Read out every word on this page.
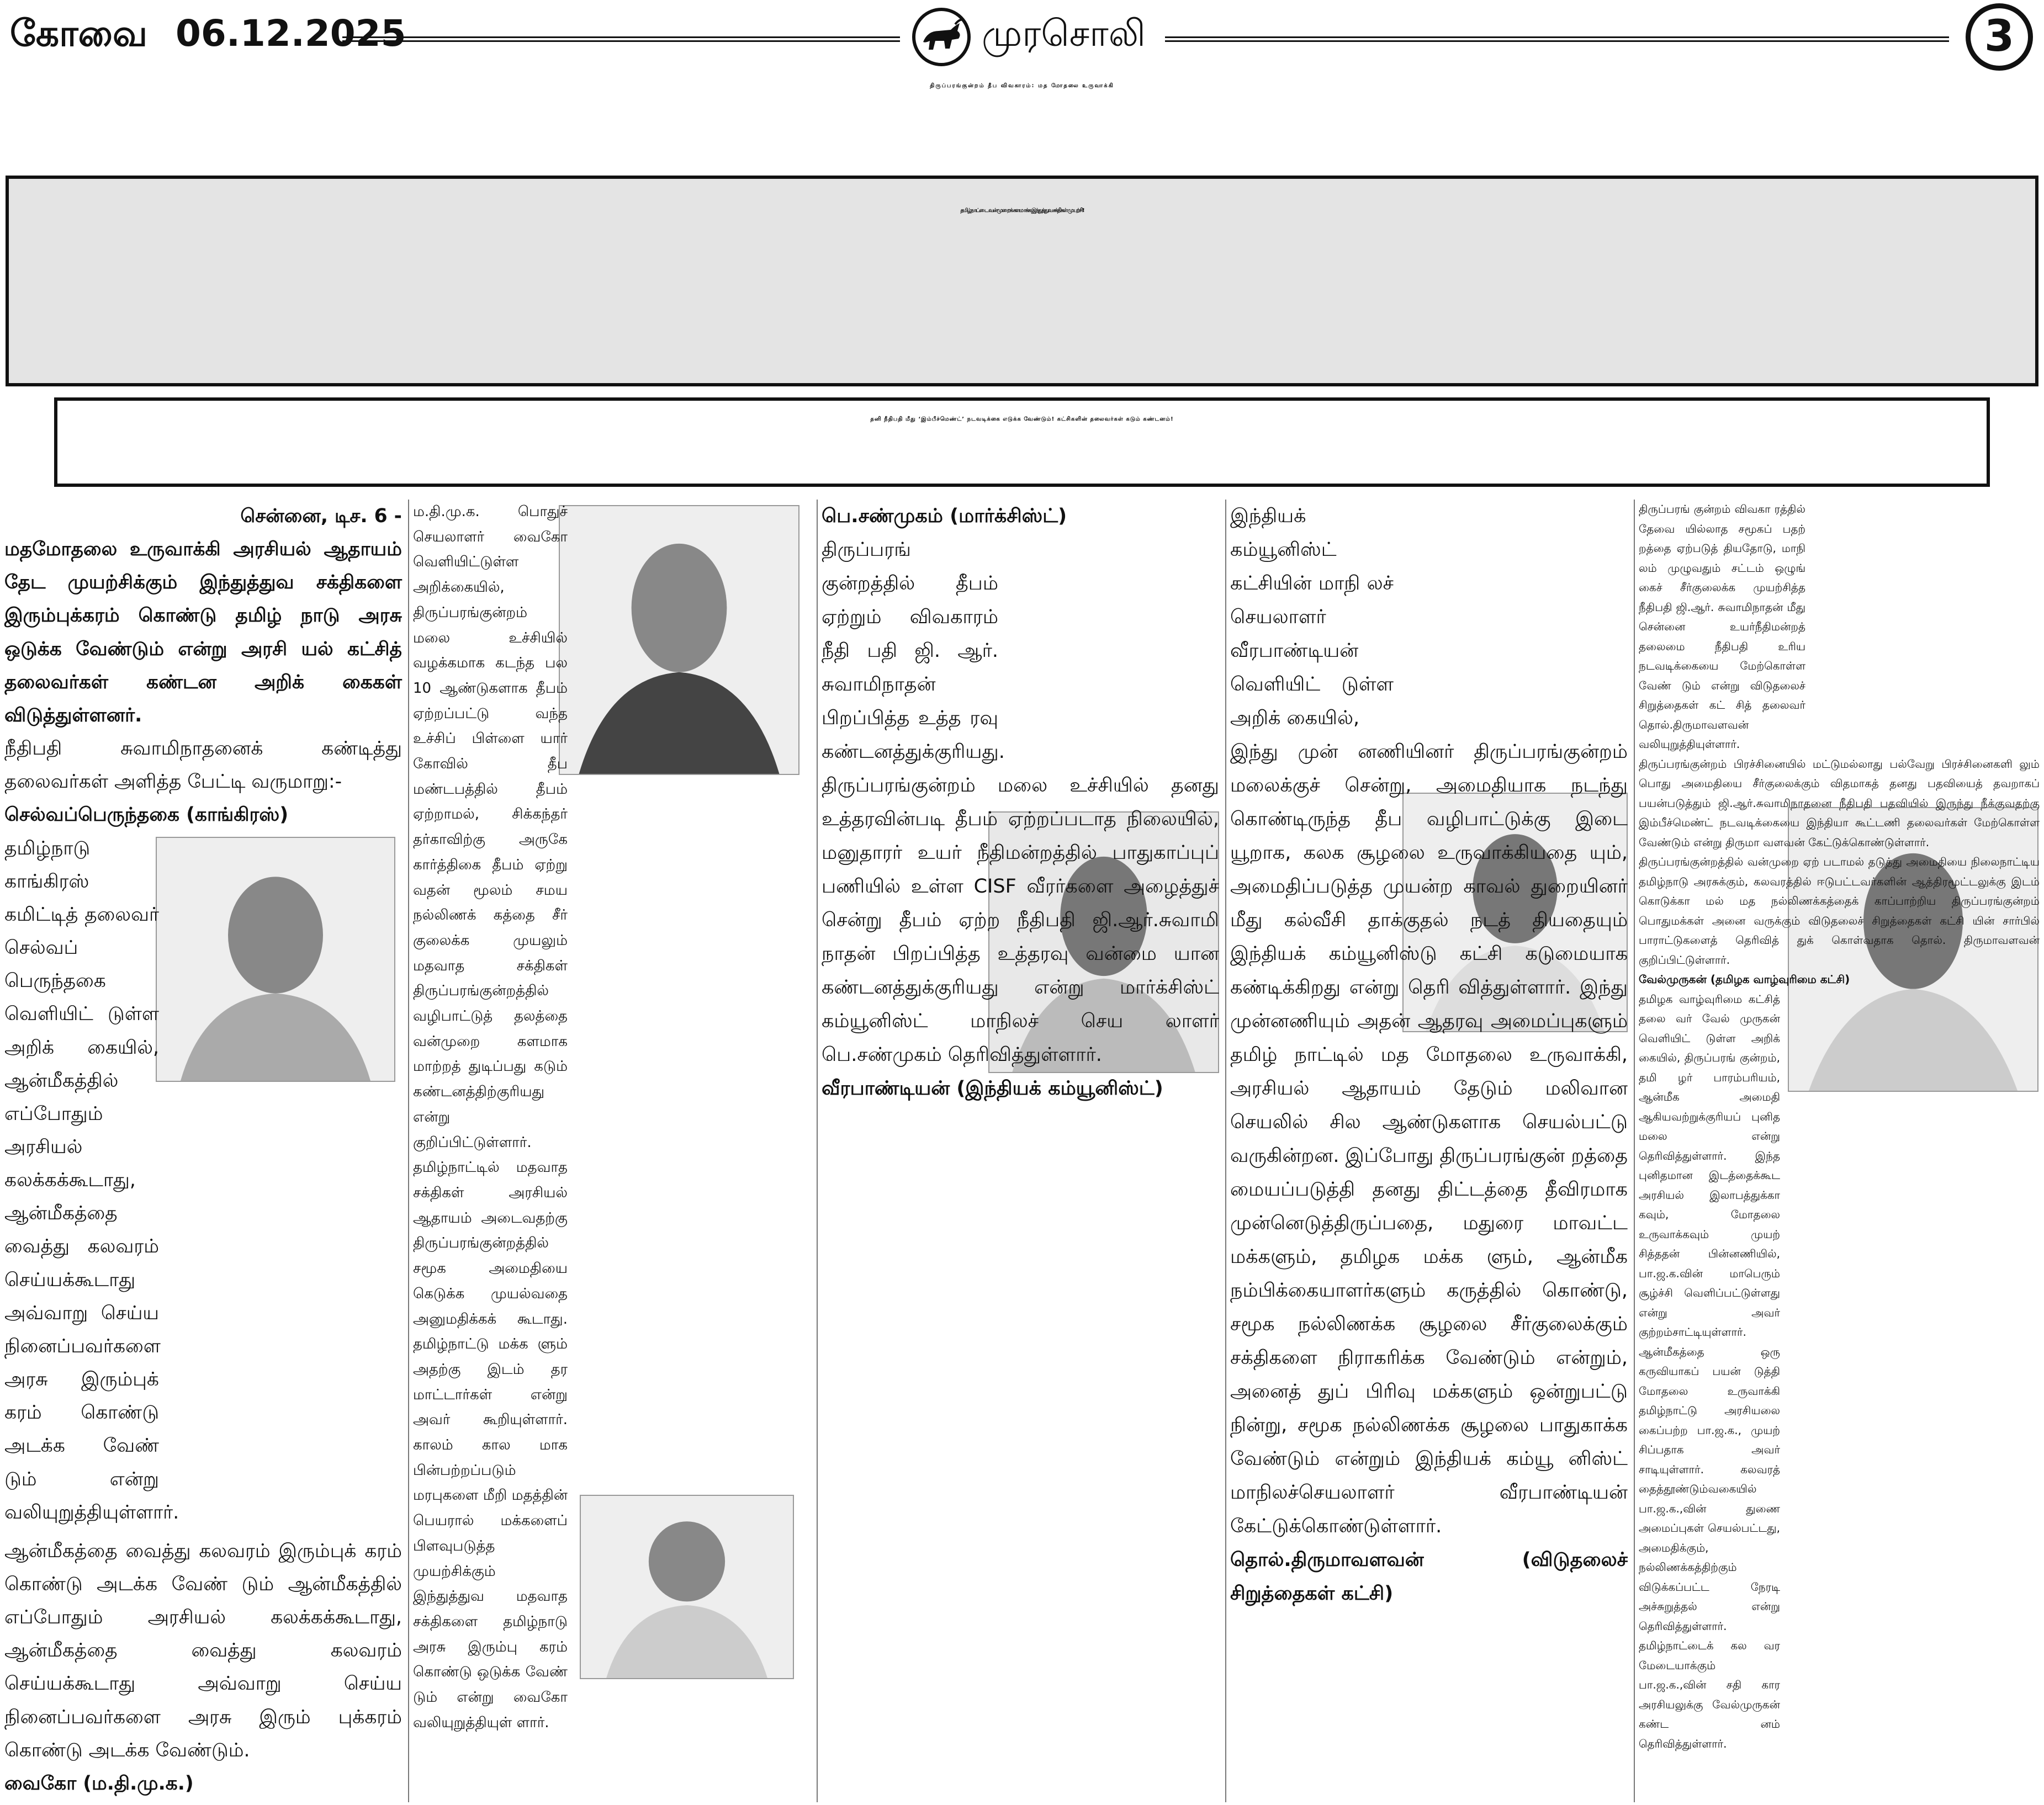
கோவை 06.12.2025	முரசொலி	3
திருப்பரங்குன்றம் தீப விவகாரம்: மத மோதலை உருவாக்கி
தமிழ்நாட்டை வன்முறைக் களமாக்க இந்துத்துவ சக்திகள் முயற்சி!
தனி நீதிபதி மீது ‘இம்பீச்மெண்ட்’ நடவடிக்கை எடுக்க வேண்டும்! கட்சிகளின் தலைவர்கள் கடும் கண்டனம்!

சென்னை, டிச. 6 -

மதமோதலை உருவாக்கி அரசியல் ஆதாயம் தேட முயற்சிக்கும் இந்துத்துவ சக்திகளை இரும்புக்கரம் கொண்டு தமிழ் நாடு அரசு ஒடுக்க வேண்டும் என்று அரசி யல் கட்சித் தலைவர்கள் கண்டன அறிக் கைகள் விடுத்துள்ளனர்.

நீதிபதி சுவாமிநாதனைக் கண்டித்து தலைவர்கள் அளித்த பேட்டி வருமாறு:-

செல்வப்பெருந்தகை (காங்கிரஸ்)

தமிழ்நாடு காங்கிரஸ் கமிட்டித் தலைவர் செல்வப் பெருந்தகை வெளியிட் டுள்ள அறிக் கையில், ஆன்மீகத்தில் எப்போதும் அரசியல் கலக்கக்கூடாது, ஆன்மீகத்தை வைத்து கலவரம் செய்யக்கூடாது அவ்வாறு செய்ய நினைப்பவர்களை அரசு இரும்புக் கரம் கொண்டு அடக்க வேண் டும் என்று வலியுறுத்தியுள்ளார்.

ஆன்மீகத்தை வைத்து கலவரம் இரும்புக் கரம் கொண்டு அடக்க வேண் டும் ஆன்மீகத்தில் எப்போதும் அரசியல் கலக்கக்கூடாது, ஆன்மீகத்தை வைத்து கலவரம் செய்யக்கூடாது அவ்வாறு செய்ய நினைப்பவர்களை அரசு இரும் புக்கரம் கொண்டு அடக்க வேண்டும்.

வைகோ (ம.தி.மு.க.)

ம.தி.மு.க. பொதுச் செயலாளர் வைகோ வெளியிட்டுள்ள அறிக்கையில், திருப்பரங்குன்றம் மலை உச்சியில் வழக்கமாக கடந்த பல 10 ஆண்டுகளாக தீபம் ஏற்றப்பட்டு வந்த உச்சிப் பிள்ளை யார் கோவில் தீப மண்டபத்தில் தீபம் ஏற்றாமல், சிக்கந்தர் தர்காவிற்கு அருகே கார்த்திகை தீபம் ஏற்று வதன் மூலம் சமய நல்லிணக் கத்தை சீர் குலைக்க முயலும் மதவாத சக்திகள் திருப்பரங்குன்றத்தில் வழிபாட்டுத் தலத்தை வன்முறை களமாக மாற்றத் துடிப்பது கடும் கண்டனத்திற்குரியது என்று குறிப்பிட்டுள்ளார். தமிழ்நாட்டில் மதவாத சக்திகள் அரசியல் ஆதாயம் அடைவதற்கு திருப்பரங்குன்றத்தில் சமூக அமைதியை கெடுக்க முயல்வதை அனுமதிக்கக் கூடாது. தமிழ்நாட்டு மக்க ளும் அதற்கு இடம் தர மாட்டார்கள் என்று அவர் கூறியுள்ளார். காலம் கால மாக பின்பற்றப்படும் மரபுகளை மீறி மதத்தின் பெயரால் மக்களைப் பிளவுபடுத்த முயற்சிக்கும் இந்துத்துவ மதவாத சக்திகளை தமிழ்நாடு அரசு இரும்பு கரம் கொண்டு ஒடுக்க வேண் டும் என்று வைகோ வலியுறுத்தியுள் ளார்.

பெ.சண்முகம் (மார்க்சிஸ்ட்)

திருப்பரங் குன்றத்தில் தீபம் ஏற்றும் விவகாரம் நீதி பதி ஜி. ஆர். சுவாமிநாதன் பிறப்பித்த உத்த ரவு கண்டனத்துக்குரியது.

திருப்பரங்குன்றம் மலை உச்சியில் தனது உத்தரவின்படி தீபம் ஏற்றப்படாத நிலையில், மனுதாரர் உயர் நீதிமன்றத்தில் பாதுகாப்புப் பணியில் உள்ள CISF வீரர்களை அழைத்துச் சென்று தீபம் ஏற்ற நீதிபதி ஜி.ஆர்.சுவாமி நாதன் பிறப்பித்த உத்தரவு வன்மை யான கண்டனத்துக்குரியது என்று மார்க்சிஸ்ட் கம்யூனிஸ்ட் மாநிலச் செய லாளர் பெ.சண்முகம் தெரிவித்துள்ளார்.

வீரபாண்டியன் (இந்தியக் கம்யூனிஸ்ட்)

இந்தியக் கம்யூனிஸ்ட் கட்சியின் மாநி லச் செயலாளர் வீரபாண்டியன் வெளியிட் டுள்ள அறிக் கையில்,

இந்து முன் னணியினர் திருப்பரங்குன்றம் மலைக்குச் சென்று, அமைதியாக நடந்து கொண்டிருந்த தீப வழிபாட்டுக்கு இடை யூறாக, கலக சூழலை உருவாக்கியதை யும், அமைதிப்படுத்த முயன்ற காவல் துறையினர் மீது கல்வீசி தாக்குதல் நடத் தியதையும் இந்தியக் கம்யூனிஸ்டு கட்சி கடுமையாக கண்டிக்கிறது என்று தெரி வித்துள்ளார். இந்து முன்னணியும் அதன் ஆதரவு அமைப்புகளும் தமிழ் நாட்டில் மத மோதலை உருவாக்கி, அரசியல் ஆதாயம் தேடும் மலிவான செயலில் சில ஆண்டுகளாக செயல்பட்டு வருகின்றன. இப்போது திருப்பரங்குன் றத்தை மையப்படுத்தி தனது திட்டத்தை தீவிரமாக முன்னெடுத்திருப்பதை, மதுரை மாவட்ட மக்களும், தமிழக மக்க ளும், ஆன்மீக நம்பிக்கையாளர்களும் கருத்தில் கொண்டு, சமூக நல்லிணக்க சூழலை சீர்குலைக்கும் சக்திகளை நிராகரிக்க வேண்டும் என்றும், அனைத் துப் பிரிவு மக்களும் ஒன்றுபட்டு நின்று, சமூக நல்லிணக்க சூழலை பாதுகாக்க வேண்டும் என்றும் இந்தியக் கம்யூ னிஸ்ட் மாநிலச்செயலாளர் வீரபாண்டியன் கேட்டுக்கொண்டுள்ளார்.

தொல்.திருமாவளவன் (விடுதலைச் சிறுத்தைகள் கட்சி)

திருப்பரங் குன்றம் விவகா ரத்தில் தேவை யில்லாத சமூகப் பதற் றத்தை ஏற்படுத் தியதோடு, மாநி லம் முழுவதும் சட்டம் ஒழுங் கைச் சீர்குலைக்க முயற்சித்த நீதிபதி ஜி.ஆர். சுவாமிநாதன் மீது சென்னை உயர்நீதிமன்றத் தலைமை நீதிபதி உரிய நடவடிக்கையை மேற்கொள்ள வேண் டும் என்று விடுதலைச் சிறுத்தைகள் கட் சித் தலைவர் தொல்.திருமாவளவன் வலியுறுத்தியுள்ளார்.

திருப்பரங்குன்றம் பிரச்சினையில் மட்டுமல்லாது பல்வேறு பிரச்சினைகளி லும் பொது அமைதியை சீர்குலைக்கும் விதமாகத் தனது பதவியைத் தவறாகப் பயன்படுத்தும் ஜி.ஆர்.சுவாமிநாதனை நீதிபதி பதவியில் இருந்து நீக்குவதற்கு இம்பீச்மெண்ட் நடவடிக்கையை இந்தியா கூட்டணி தலைவர்கள் மேற்கொள்ள வேண்டும் என்று திருமா வளவன் கேட்டுக்கொண்டுள்ளார்.

திருப்பரங்குன்றத்தில் வன்முறை ஏற் படாமல் தடுத்து அமைதியை நிலைநாட்டிய தமிழ்நாடு அரசுக்கும், கலவரத்தில் ஈடுபட்டவர்களின் ஆத்திரமூட்டலுக்கு இடம் கொடுக்கா மல் மத நல்லிணக்கத்தைக் காப்பாற்றிய திருப்பரங்குன்றம் பொதுமக்கள் அனை வருக்கும் விடுதலைச் சிறுத்தைகள் கட்சி யின் சார்பில் பாராட்டுகளைத் தெரிவித் துக் கொள்வதாக தொல். திருமாவளவன் குறிப்பிட்டுள்ளார்.

வேல்முருகன் (தமிழக வாழ்வுரிமை கட்சி)

தமிழக வாழ்வுரிமை கட்சித் தலை வர் வேல் முருகன் வெளியிட் டுள்ள அறிக் கையில், திருப்பரங் குன்றம், தமி ழர் பாரம்பரியம், ஆன்மீக அமைதி ஆகியவற்றுக்குரியப் புனித மலை என்று தெரிவித்துள்ளார். இந்த புனிதமான இடத்தைக்கூட அரசியல் இலாபத்துக்கா கவும், மோதலை உருவாக்கவும் முயற் சித்ததன் பின்னணியில், பா.ஜ.க.வின் மாபெரும் சூழ்ச்சி வெளிப்பட்டுள்ளது என்று அவர் குற்றம்சாட்டியுள்ளார். ஆன்மீகத்தை ஒரு கருவியாகப் பயன் டுத்தி மோதலை உருவாக்கி தமிழ்நாட்டு அரசியலை கைப்பற்ற பா.ஜ.க., முயற் சிப்பதாக அவர் சாடியுள்ளார். கலவரத் தைத்தூண்டும்வகையில் பா.ஜ.க.,வின் துணை அமைப்புகள் செயல்பட்டது, அமைதிக்கும், நல்லிணக்கத்திற்கும் விடுக்கப்பட்ட நேரடி அச்சுறுத்தல் என்று தெரிவித்துள்ளார். தமிழ்நாட்டைக் கல வர மேடையாக்கும் பா.ஜ.க.,வின் சதி கார அரசியலுக்கு வேல்முருகன் கண்ட னம் தெரிவித்துள்ளார்.
